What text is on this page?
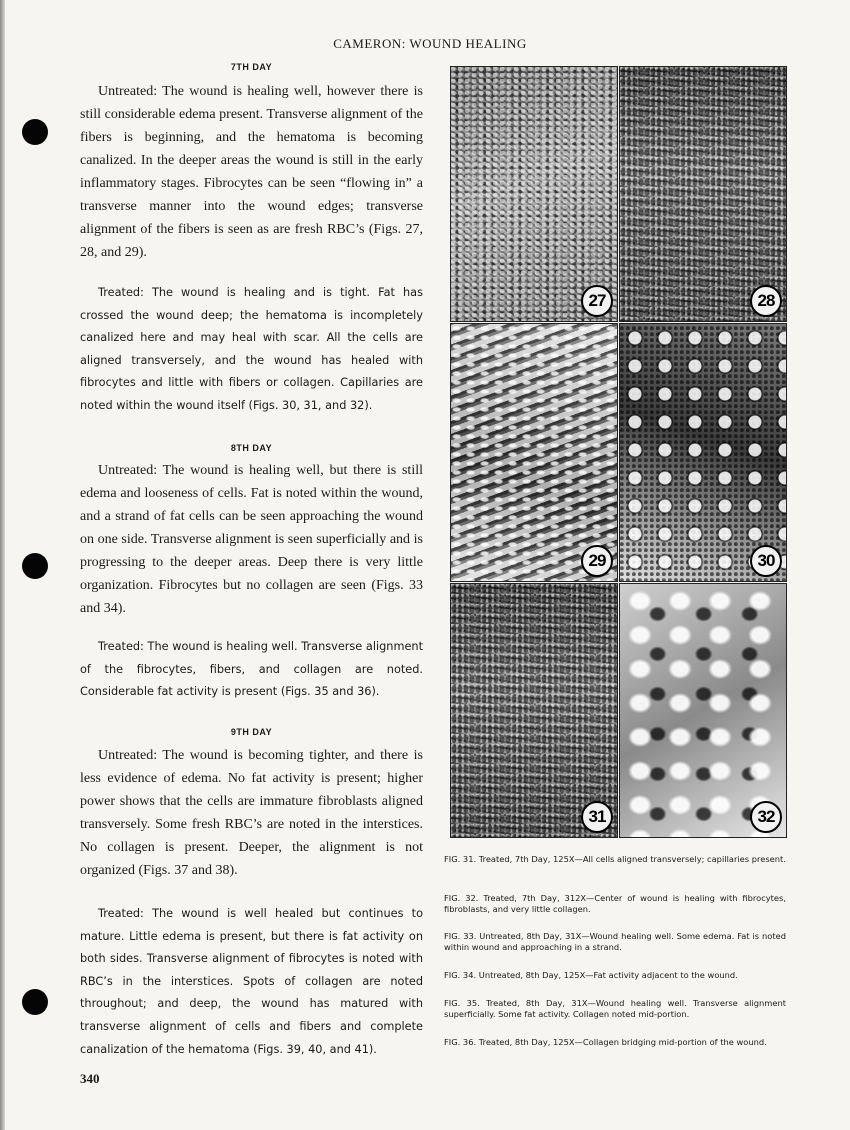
CAMERON: WOUND HEALING
7TH DAY

Untreated: The wound is healing well, however there is still considerable edema present. Transverse alignment of the fibers is beginning, and the hematoma is becoming canalized. In the deeper areas the wound is still in the early inflammatory stages. Fibrocytes can be seen “flowing in” a transverse manner into the wound edges; transverse alignment of the fibers is seen as are fresh RBC’s (Figs. 27, 28, and 29).

Treated: The wound is healing and is tight. Fat has crossed the wound deep; the hematoma is incompletely canalized here and may heal with scar. All the cells are aligned transversely, and the wound has healed with fibrocytes and little with fibers or collagen. Capillaries are noted within the wound itself (Figs. 30, 31, and 32).

8TH DAY

Untreated: The wound is healing well, but there is still edema and looseness of cells. Fat is noted within the wound, and a strand of fat cells can be seen approaching the wound on one side. Transverse alignment is seen superficially and is progressing to the deeper areas. Deep there is very little organization. Fibrocytes but no collagen are seen (Figs. 33 and 34).

Treated: The wound is healing well. Transverse alignment of the fibrocytes, fibers, and collagen are noted. Considerable fat activity is present (Figs. 35 and 36).

9TH DAY

Untreated: The wound is becoming tighter, and there is less evidence of edema. No fat activity is present; higher power shows that the cells are immature fibroblasts aligned transversely. Some fresh RBC’s are noted in the interstices. No collagen is present. Deeper, the alignment is not organized (Figs. 37 and 38).

Treated: The wound is well healed but continues to mature. Little edema is present, but there is fat activity on both sides. Transverse alignment of fibrocytes is noted with RBC’s in the interstices. Spots of collagen are noted throughout; and deep, the wound has matured with transverse alignment of cells and fibers and complete canalization of the hematoma (Figs. 39, 40, and 41).

27	28
29	30
31	32
FIG. 31. Treated, 7th Day, 125X—All cells aligned transversely; capillaries present.
FIG. 32. Treated, 7th Day, 312X—Center of wound is healing with fibrocytes, fibroblasts, and very little collagen.
FIG. 33. Untreated, 8th Day, 31X—Wound healing well. Some edema. Fat is noted within wound and approaching in a strand.
FIG. 34. Untreated, 8th Day, 125X—Fat activity adjacent to the wound.
FIG. 35. Treated, 8th Day, 31X—Wound healing well. Transverse alignment superficially. Some fat activity. Collagen noted mid-portion.
FIG. 36. Treated, 8th Day, 125X—Collagen bridging mid-portion of the wound.
340
